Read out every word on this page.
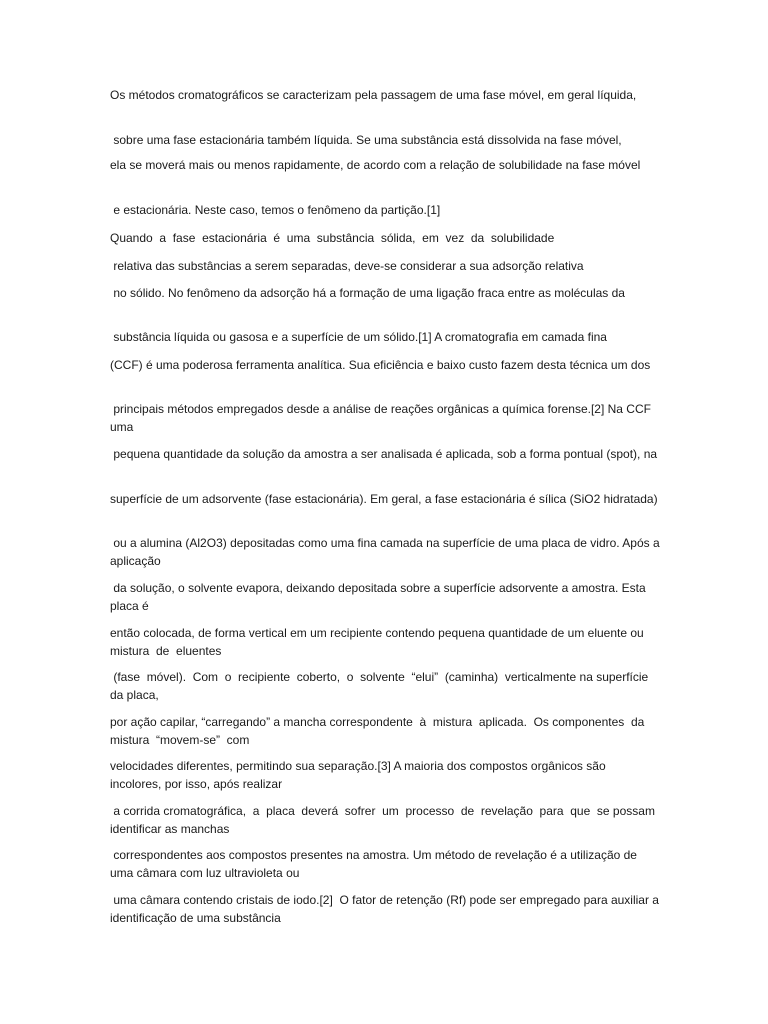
Os métodos cromatográficos se caracterizam pela passagem de uma fase móvel, em geral líquida,

sobre uma fase estacionária também líquida. Se uma substância está dissolvida na fase móvel,

ela se moverá mais ou menos rapidamente, de acordo com a relação de solubilidade na fase móvel

e estacionária. Neste caso, temos o fenômeno da partição.[1]

Quando  a  fase  estacionária  é  uma  substância  sólida,  em  vez  da  solubilidade

relativa das substâncias a serem separadas, deve-se considerar a sua adsorção relativa

no sólido. No fenômeno da adsorção há a formação de uma ligação fraca entre as moléculas da

substância líquida ou gasosa e a superfície de um sólido.[1] A cromatografia em camada fina

(CCF) é uma poderosa ferramenta analítica. Sua eficiência e baixo custo fazem desta técnica um dos

principais métodos empregados desde a análise de reações orgânicas a química forense.[2] Na CCF uma

pequena quantidade da solução da amostra a ser analisada é aplicada, sob a forma pontual (spot), na

superfície de um adsorvente (fase estacionária). Em geral, a fase estacionária é sílica (SiO2 hidratada)

ou a alumina (Al2O3) depositadas como uma fina camada na superfície de uma placa de vidro. Após a aplicação

da solução, o solvente evapora, deixando depositada sobre a superfície adsorvente a amostra. Esta placa é

então colocada, de forma vertical em um recipiente contendo pequena quantidade de um eluente ou  mistura  de  eluentes

(fase  móvel).  Com  o  recipiente  coberto,  o  solvente  “elui”  (caminha)  verticalmente na superfície da placa,

por ação capilar, “carregando” a mancha correspondente  à  mistura  aplicada.  Os componentes  da  mistura  “movem-se”  com

velocidades diferentes, permitindo sua separação.[3] A maioria dos compostos orgânicos são incolores, por isso, após realizar

a corrida cromatográfica,  a  placa  deverá  sofrer  um  processo  de  revelação  para  que  se possam identificar as manchas

correspondentes aos compostos presentes na amostra. Um método de revelação é a utilização de uma câmara com luz ultravioleta ou

uma câmara contendo cristais de iodo.[2]  O fator de retenção (Rf) pode ser empregado para auxiliar a identificação de uma substância
